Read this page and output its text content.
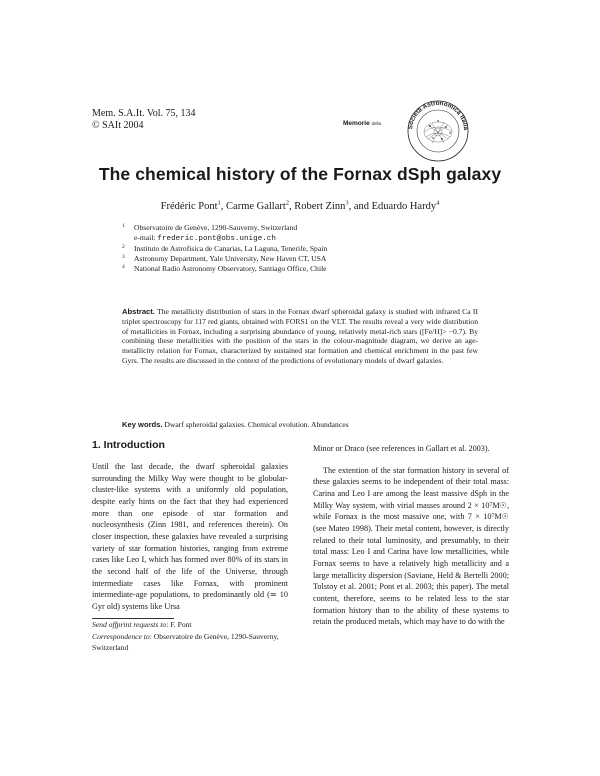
Mem. S.A.It. Vol. 75, 134
© SAIt 2004	Memorie della
Società Astronomica Italia
The chemical history of the Fornax dSph galaxy
Frédéric Pont$^1$, Carme Gallart$^2$, Robert Zinn$^3$, and Eduardo Hardy$^4$
1 Observatoire de Genève, 1290-Sauverny, Switzerland
e-mail: frederic.pont@obs.unige.ch
2 Instituto de Astrofisica de Canarias, La Laguna, Tenerife, Spain
3 Astronomy Department, Yale University, New Haven CT, USA
4 National Radio Astronomy Observatory, Santiago Office, Chile
Abstract. The metallicity distribution of stars in the Fornax dwarf spheroidal galaxy is studied with infrared Ca II triplet spectroscopy for 117 red giants, obtained with FORS1 on the VLT. The results reveal a very wide distribution of metallicities in Fornax, including a surprising abundance of young, relatively metal-rich stars ([Fe/H]> −0.7). By combining these metallicities with the position of the stars in the colour-magnitude diagram, we derive an age-metallicity relation for Fornax, characterized by sustained star formation and chemical enrichment in the past few Gyrs. The results are discussed in the context of the predictions of evolutionary models of dwarf galaxies.
Key words. Dwarf spheroidal galaxies. Chemical evolution. Abundances
1. Introduction

Until the last decade, the dwarf spheroidal galaxies surrounding the Milky Way were thought to be globular-cluster-like systems with a uniformly old population, despite early hints on the fact that they had experienced more than one episode of star formation and nucleosynthesis (Zinn 1981, and references therein). On closer inspection, these galaxies have revealed a surprising variety of star formation histories, ranging from extreme cases like Leo I, which has formed over 80% of its stars in the second half of the life of the Universe, through intermediate cases like Fornax, with prominent intermediate-age populations, to predominantly old (≃ 10 Gyr old) systems like Ursa

Minor or Draco (see references in Gallart et al. 2003).

The extention of the star formation history in several of these galaxies seems to be independent of their total mass: Carina and Leo I are among the least massive dSph in the Milky Way system, with virial masses around 2 × 10⁷M☉, while Fornax is the most massive one, with 7 × 10⁷M☉ (see Mateo 1998). Their metal content, however, is directly related to their total luminosity, and presumably, to their total mass: Leo I and Carina have low metallicities, while Fornax seems to have a relatively high metallicity and a large metallicity dispersion (Saviane, Held & Bertelli 2000; Tolstoy et al. 2001; Pont et al. 2003; this paper). The metal content, therefore, seems to be related less to the star formation history than to the ability of these systems to retain the produced metals, which may have to do with the

Send offprint requests to: F. Pont
Correspondence to: Observatoire de Genève, 1290-Sauverny, Switzerland
